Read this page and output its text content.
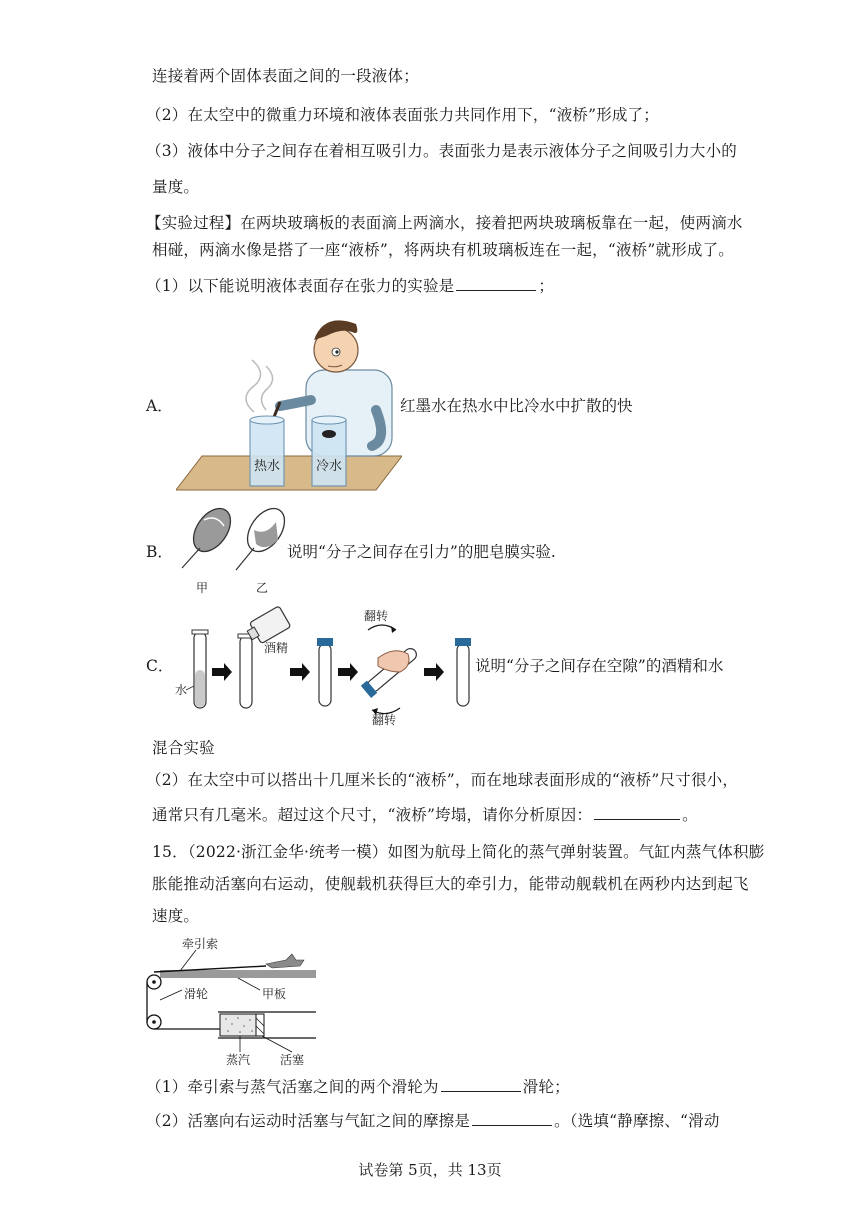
连接着两个固体表面之间的一段液体；
（2）在太空中的微重力环境和液体表面张力共同作用下，“液桥”形成了；
（3）液体中分子之间存在着相互吸引力。表面张力是表示液体分子之间吸引力大小的
量度。
【实验过程】在两块玻璃板的表面滴上两滴水，接着把两块玻璃板靠在一起，使两滴水
相碰，两滴水像是搭了一座“液桥”，将两块有机玻璃板连在一起，“液桥”就形成了。
（1）以下能说明液体表面存在张力的实验是	；
A．
热水	冷水
红墨水在热水中比冷水中扩散的快
B．
甲	乙
说明“分子之间存在引力”的肥皂膜实验.
C．
水
酒精
翻转
翻转
说明“分子之间存在空隙”的酒精和水
混合实验
（2）在太空中可以搭出十几厘米长的“液桥”，而在地球表面形成的“液桥”尺寸很小，
通常只有几毫米。超过这个尺寸，“液桥”垮塌，请你分析原因：	。
15．（2022·浙江金华·统考一模）如图为航母上简化的蒸气弹射装置。气缸内蒸气体积膨
胀能推动活塞向右运动，使舰载机获得巨大的牵引力，能带动舰载机在两秒内达到起飞
速度。
牵引索
滑轮	甲板
蒸汽 活塞
（1）牵引索与蒸气活塞之间的两个滑轮为	滑轮；
（2）活塞向右运动时活塞与气缸之间的摩擦是	。（选填“静摩擦、“滑动
试卷第 5页，共 13页
